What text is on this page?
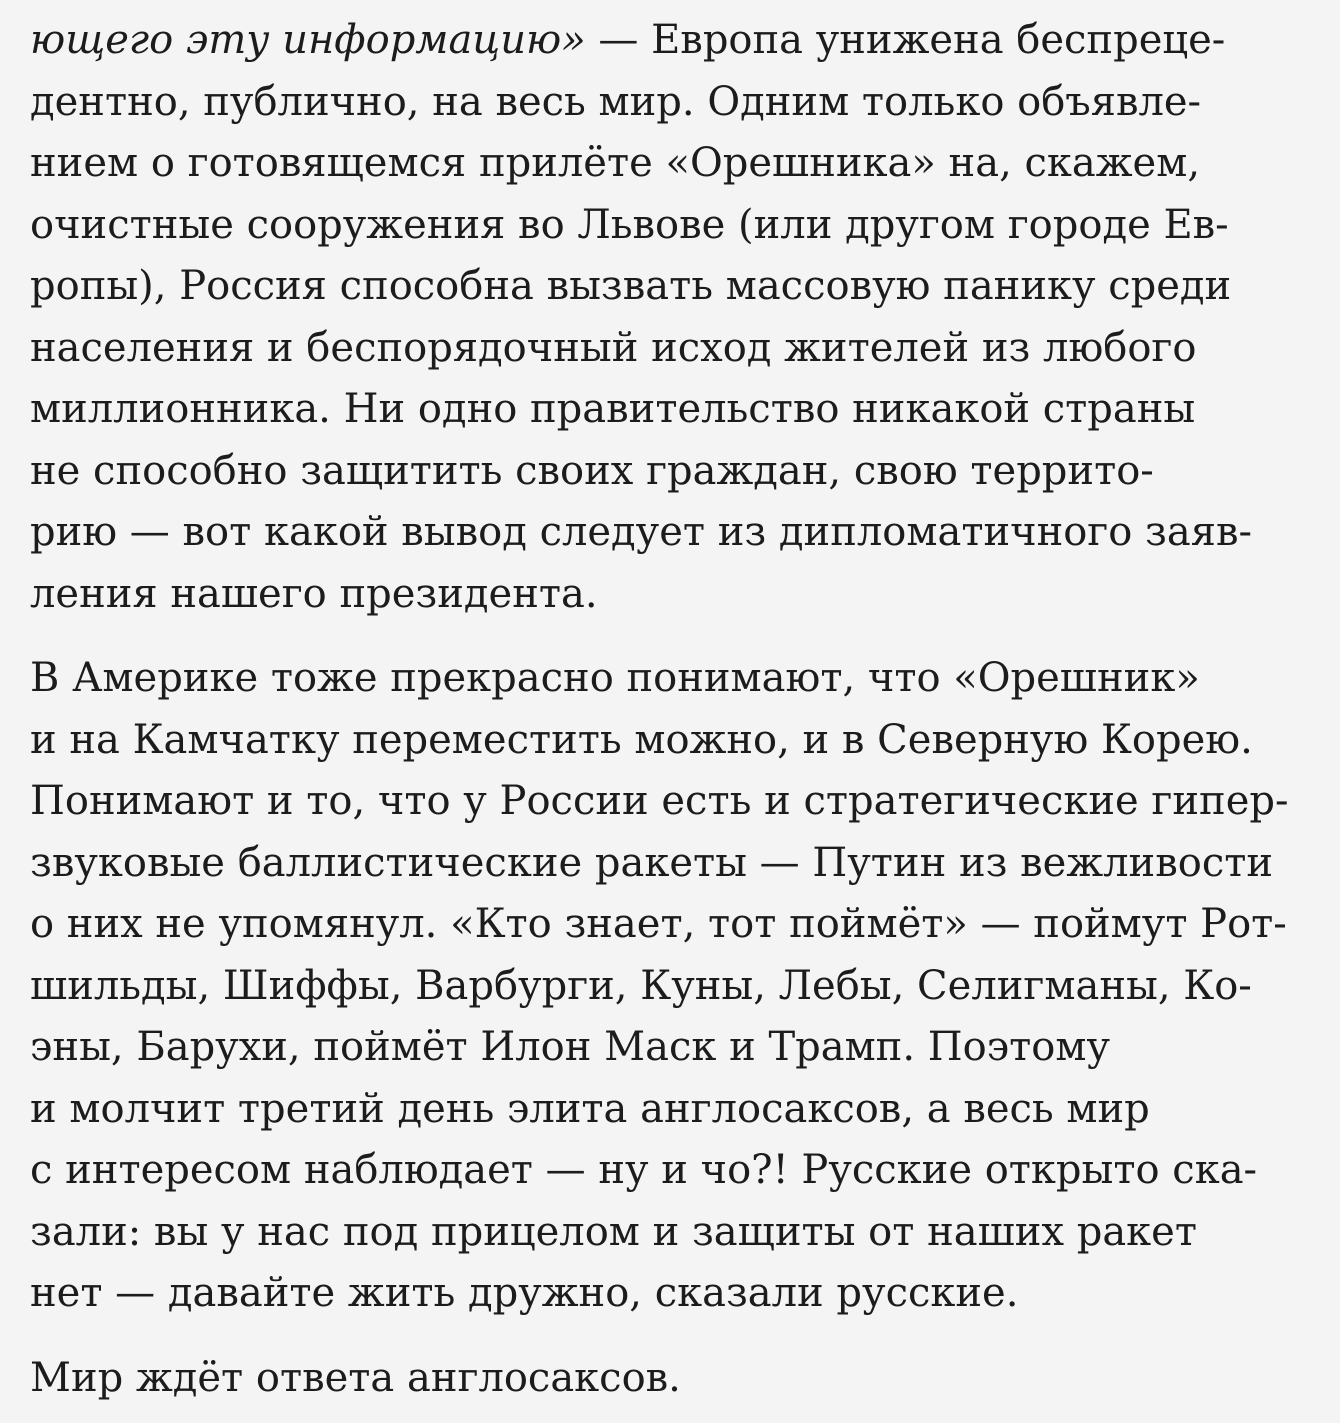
ющего эту информацию» — Европа унижена беспреце-
дентно, публично, на весь мир. Одним только объявле-
нием о готовящемся прилёте «Орешника» на, скажем,
очистные сооружения во Львове (или другом городе Ев-
ропы), Россия способна вызвать массовую панику среди
населения и беспорядочный исход жителей из любого
миллионника. Ни одно правительство никакой страны
не способно защитить своих граждан, свою террито-
рию — вот какой вывод следует из дипломатичного заяв-
ления нашего президента.
В Америке тоже прекрасно понимают, что «Орешник»
и на Камчатку переместить можно, и в Северную Корею.
Понимают и то, что у России есть и стратегические гипер-
звуковые баллистические ракеты — Путин из вежливости
о них не упомянул. «Кто знает, тот поймёт» — поймут Рот-
шильды, Шиффы, Варбурги, Куны, Лебы, Селигманы, Ко-
эны, Барухи, поймёт Илон Маск и Трамп. Поэтому
и молчит третий день элита англосаксов, а весь мир
с интересом наблюдает — ну и чо?! Русские открыто ска-
зали: вы у нас под прицелом и защиты от наших ракет
нет — давайте жить дружно, сказали русские.
Мир ждёт ответа англосаксов.
